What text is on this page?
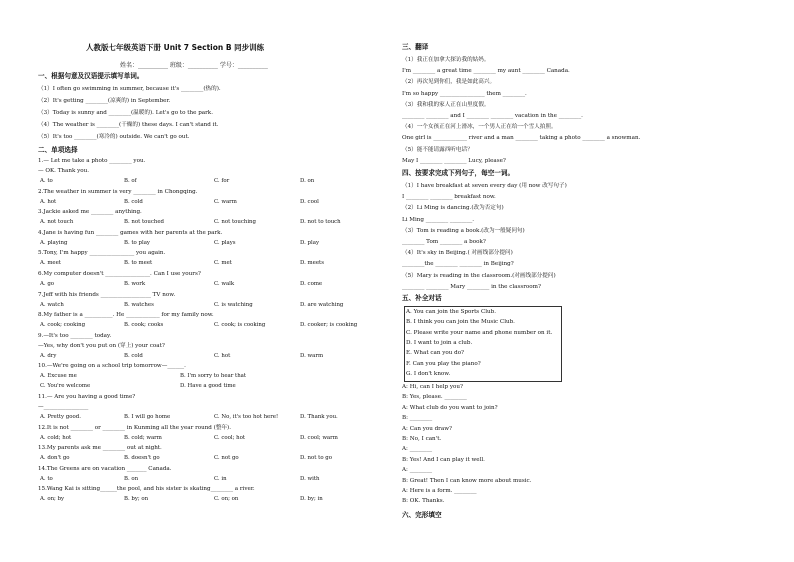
人教版七年级英语下册 Unit 7 Section B 同步训练
姓名：__________ 班级：__________ 学号：__________
一、根据句意及汉语提示填写单词。
（1）I often go swimming in summer, because it's ________(热的).
（2）It's getting ________(凉爽的) in September.
（3）Today is sunny and ________(温暖的). Let's go to the park.
（4）The weather is ________(干燥的) these days. I can't stand it.
（5）It's too ________(寒冷的) outside. We can't go out.
二、单项选择
1.— Let me take a photo ________ you.
— OK. Thank you.
A. to	B. of	C. for	D. on
2.The weather in summer is very ________ in Chongqing.
A. hot	B. cold	C. warm	D. cool
3.Jackie asked me ________ anything.
A. not touch	B. not touched	C. not touching	D. not to touch
4.Jane is having fun ________ games with her parents at the park.
A. playing	B. to play	C. plays	D. play
5.Tony, I'm happy ________________ you again.
A. meet	B. to meet	C. met	D. meets
6.My computer doesn't ________________. Can I use yours?
A. go	B. work	C. walk	D. come
7.Jeff with his friends __________________ TV now.
A. watch	B. watches	C. is watching	D. are watching
8.My father is a __________. He ____________ for my family now.
A. cook; cooking	B. cook; cooks	C. cook; is cooking	D. cooker; is cooking
9.—It's too ________ today.
—Yes, why don't you put on (穿上) your coat?
A. dry	B. cold	C. hot	D. warm
10.—We're going on a school trip tomorrow—______.
A. Excuse me	B. I'm sorry to hear that
C. You're welcome	D. Have a good time
11.— Are you having a good time?
—________________
A. Pretty good.	B. I will go home	C. No, it's too hot here!	D. Thank you.
12.It is not ________ or ________ in Kunming all the year round (整年).
A. cold; hot	B. cold; warm	C. cool; hot	D. cool; warm
13.My parents ask me ________ out at night.
A. don't go	B. doesn't go	C. not go	D. not to go
14.The Greens are on vacation _______ Canada.
A. to	B. on	C. in	D. with
15.Wang Kai is sitting______the pool, and his sister is skating________ a river.
A. on; by	B. by; on	C. on; on	D. by; in
三、翻译
（1）我正在加拿大探访我的姑妈。
I'm ________ a great time ________ my aunt ________ Canada.
（2）再次见到你们，我是如此高兴。
I'm so happy ________________ them ________.
（3）我和我的家人正在山里度假。
________ ________ and I ________ ________ vacation in the ________.
（4）一个女孩正在河上滑冰，一个男人正在给一个雪人拍照。
One girl is ____________ river and a man ________ taking a photo ________ a snowman.
（5）能不能请露西听电话？
May I ________ ________ Lucy, please?
四、按要求完成下列句子，每空一词。
（1）I have breakfast at seven every day (用 now 改写句子)
I ________ ________ breakfast now.
（2）Li Ming is dancing.(改为否定句)
Li Ming ________ ________.
（3）Tom is reading a book.(改为一般疑问句)
________ Tom ________ a book?
（4）It's sky in Beijing.( 对画线部分提问)
________the ________ ________ in Beijing?
（5）Mary is reading in the classroom.(对画线部分提问)
________ ________ Mary ________ in the classroom?
五、补全对话
A. You can join the Sports Club.
B. I think you can join the Music Club.
C. Please write your name and phone number on it.
D. I want to join a club.
E. What can you do?
F. Can you play the piano?
G. I don't know.
A: Hi, can I help you?
B: Yes, please. ________
A: What club do you want to join?
B: ________
A: Can you draw?
B: No, I can't.
A: ________
B: Yes! And I can play it well.
A: ________
B: Great! Then I can know more about music.
A: Here is a form. ________
B: OK. Thanks.
六、完形填空
